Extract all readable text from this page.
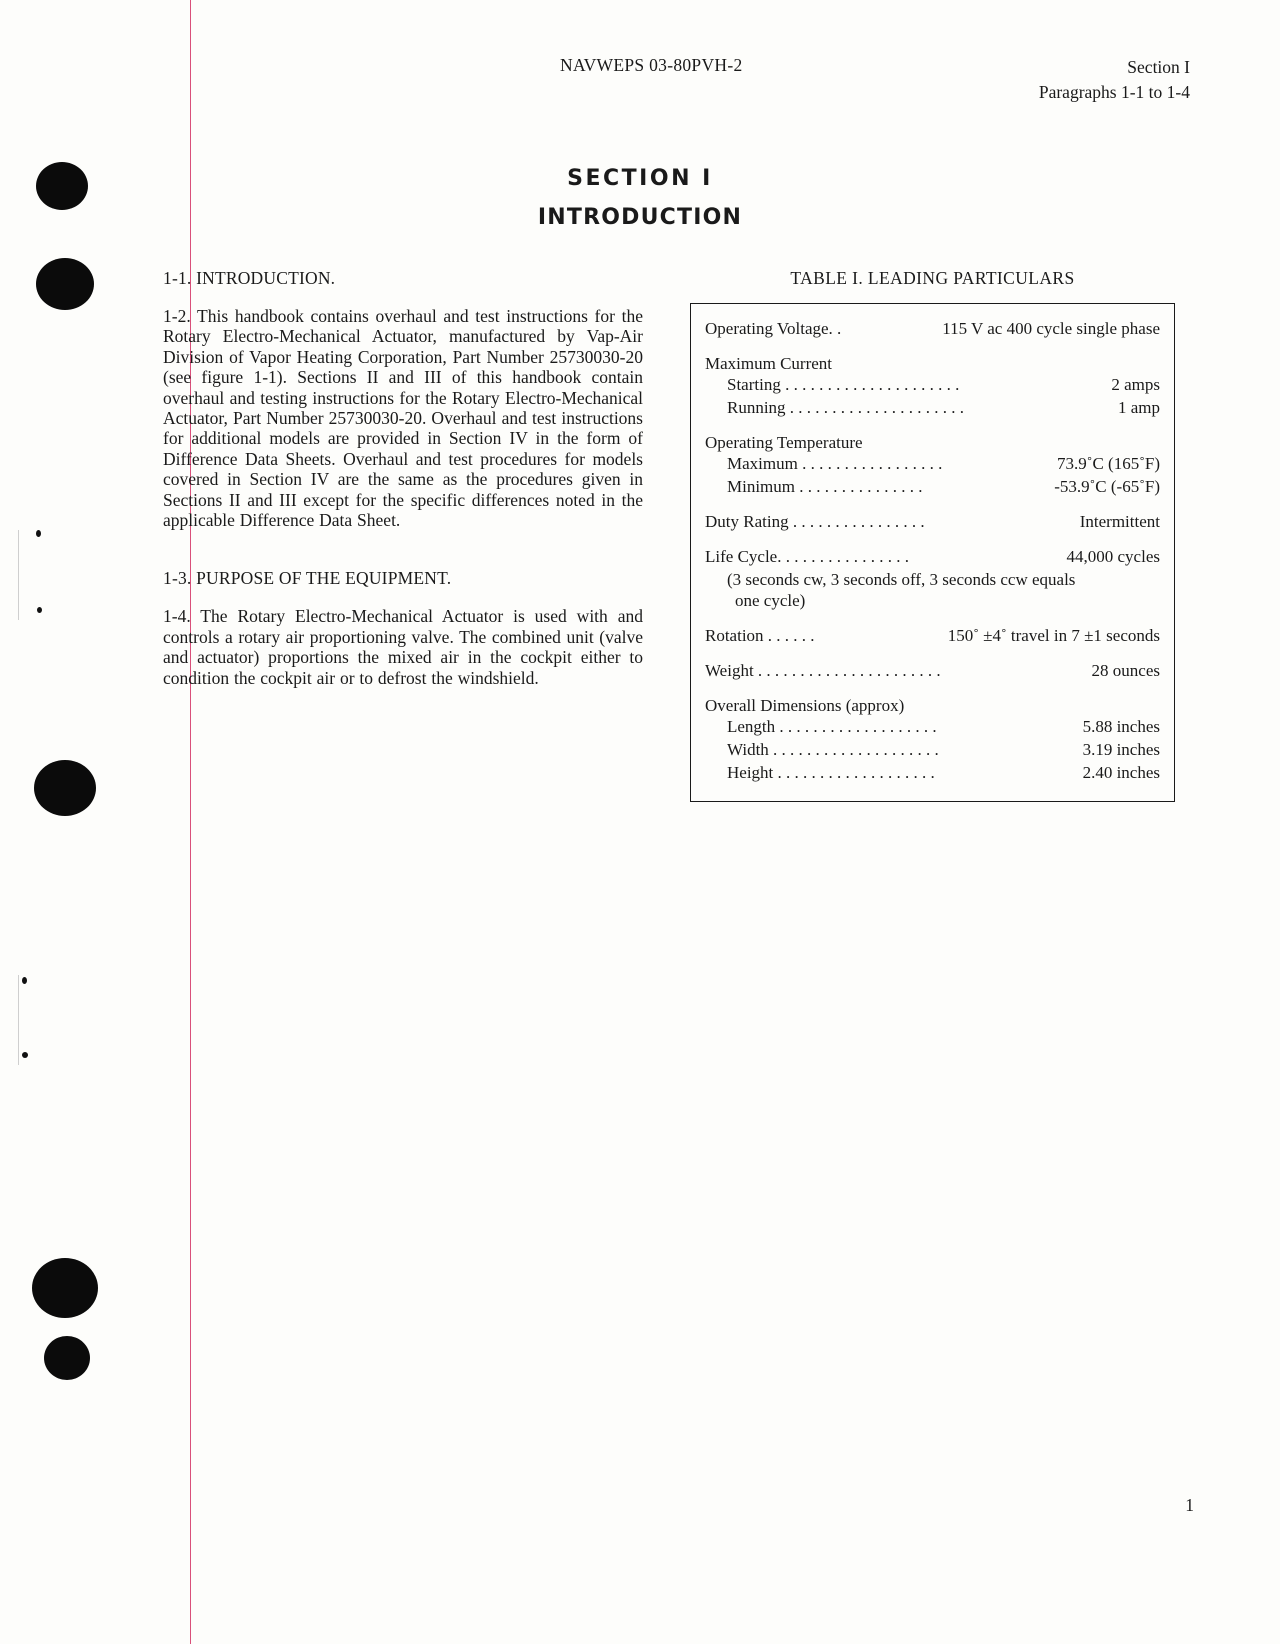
NAVWEPS 03-80PVH-2	Section I
Paragraphs 1-1 to 1-4
SECTION I
INTRODUCTION

1-1. INTRODUCTION.

1-2. This handbook contains overhaul and test instructions for the Rotary Electro-Mechanical Actuator, manufactured by Vap-Air Division of Vapor Heating Corporation, Part Number 25730030-20 (see figure 1-1). Sections II and III of this handbook contain overhaul and testing instructions for the Rotary Electro-Mechanical Actuator, Part Number 25730030-20. Overhaul and test instructions for additional models are provided in Section IV in the form of Difference Data Sheets. Overhaul and test procedures for models covered in Section IV are the same as the procedures given in Sections II and III except for the specific differences noted in the applicable Difference Data Sheet.

1-3. PURPOSE OF THE EQUIPMENT.

1-4. The Rotary Electro-Mechanical Actuator is used with and controls a rotary air proportioning valve. The combined unit (valve and actuator) proportions the mixed air in the cockpit either to condition the cockpit air or to defrost the windshield.

TABLE I. LEADING PARTICULARS
Operating Voltage. .	115 V ac 400 cycle single phase
Maximum Current
Starting . . . . . . . . . . . . . . . . . . . . .	2 amps
Running . . . . . . . . . . . . . . . . . . . . .	1 amp
Operating Temperature
Maximum . . . . . . . . . . . . . . . . .	73.9˚C (165˚F)
Minimum . . . . . . . . . . . . . . .	-53.9˚C (-65˚F)
Duty Rating . . . . . . . . . . . . . . . .	Intermittent
Life Cycle. . . . . . . . . . . . . . . .	44,000 cycles
(3 seconds cw, 3 seconds off, 3 seconds ccw equals
one cycle)
Rotation . . . . . .	150˚ ±4˚ travel in 7 ±1 seconds
Weight . . . . . . . . . . . . . . . . . . . . . .	28 ounces
Overall Dimensions (approx)
Length . . . . . . . . . . . . . . . . . . .	5.88 inches
Width . . . . . . . . . . . . . . . . . . . .	3.19 inches
Height . . . . . . . . . . . . . . . . . . .	2.40 inches
1
